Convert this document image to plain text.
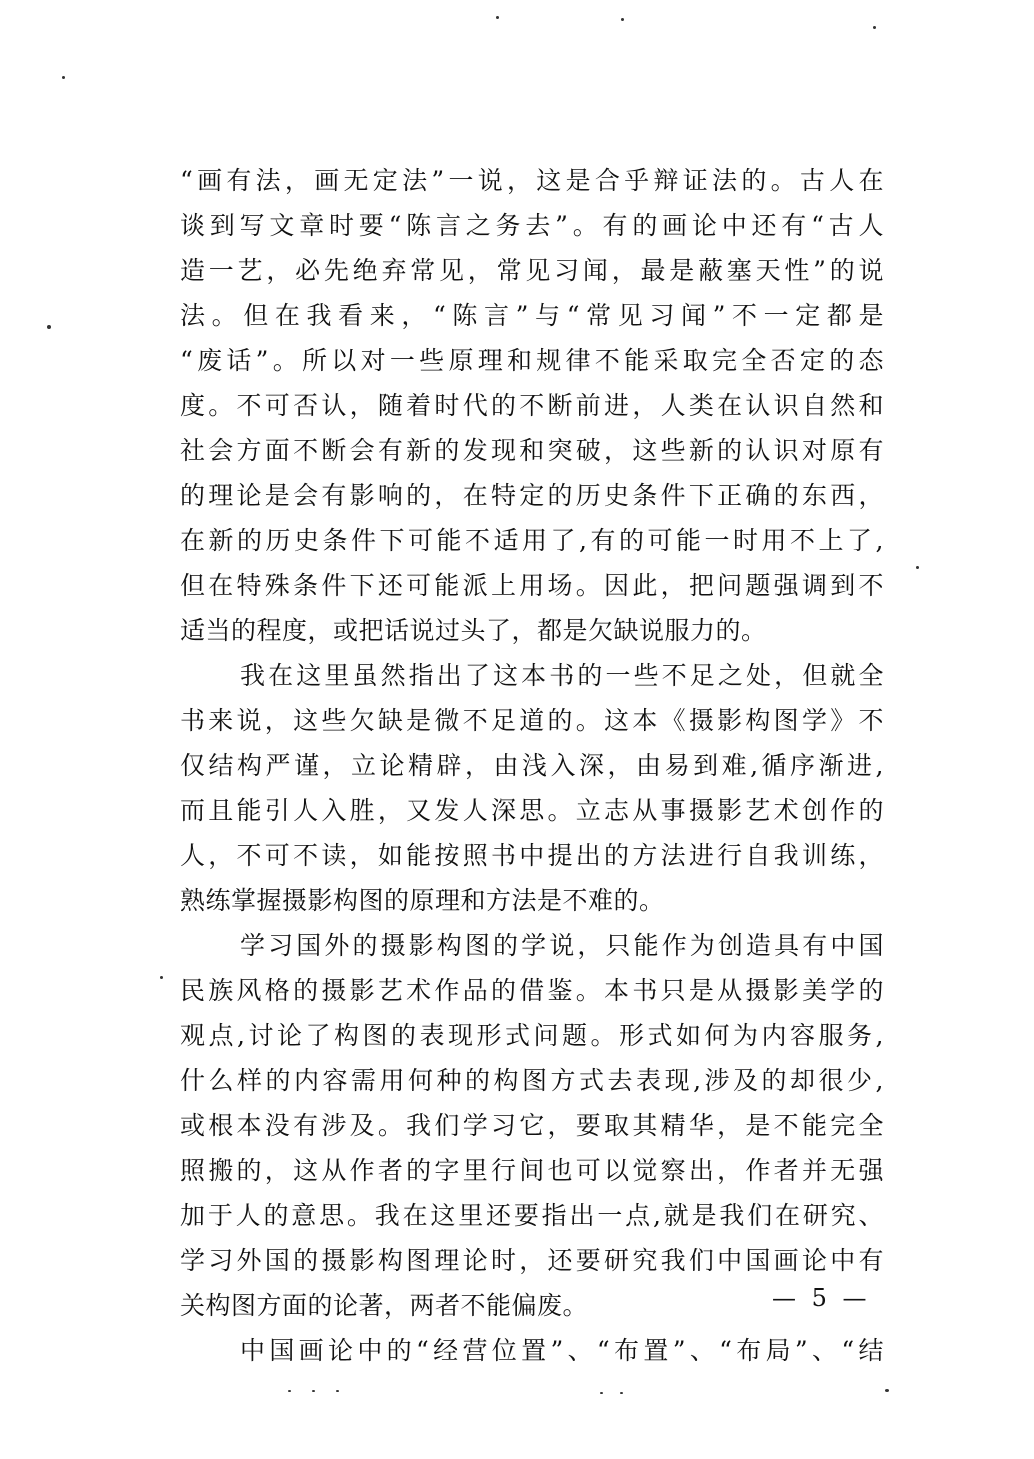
“画有法，画无定法”一说，这是合乎辩证法的。古人在
谈到写文章时要“陈言之务去”。有的画论中还有“古人
造一艺，必先绝弃常见，常见习闻，最是蔽塞天性”的说
法。但在我看来，“陈言”与“常见习闻”不一定都是
“废话”。所以对一些原理和规律不能采取完全否定的态
度。不可否认，随着时代的不断前进，人类在认识自然和
社会方面不断会有新的发现和突破，这些新的认识对原有
的理论是会有影响的，在特定的历史条件下正确的东西，
在新的历史条件下可能不适用了,有的可能一时用不上了,
但在特殊条件下还可能派上用场。因此，把问题强调到不
适当的程度，或把话说过头了，都是欠缺说服力的。
我在这里虽然指出了这本书的一些不足之处，但就全
书来说，这些欠缺是微不足道的。这本《摄影构图学》不
仅结构严谨，立论精辟，由浅入深，由易到难,循序渐进,
而且能引人入胜，又发人深思。立志从事摄影艺术创作的
人，不可不读，如能按照书中提出的方法进行自我训练，
熟练掌握摄影构图的原理和方法是不难的。
学习国外的摄影构图的学说，只能作为创造具有中国
民族风格的摄影艺术作品的借鉴。本书只是从摄影美学的
观点,讨论了构图的表现形式问题。形式如何为内容服务,
什么样的内容需用何种的构图方式去表现,涉及的却很少,
或根本没有涉及。我们学习它，要取其精华，是不能完全
照搬的，这从作者的字里行间也可以觉察出，作者并无强
加于人的意思。我在这里还要指出一点,就是我们在研究、
学习外国的摄影构图理论时，还要研究我们中国画论中有
关构图方面的论著，两者不能偏废。
中国画论中的“经营位置”、“布置”、“布局”、“结
— 5 —
